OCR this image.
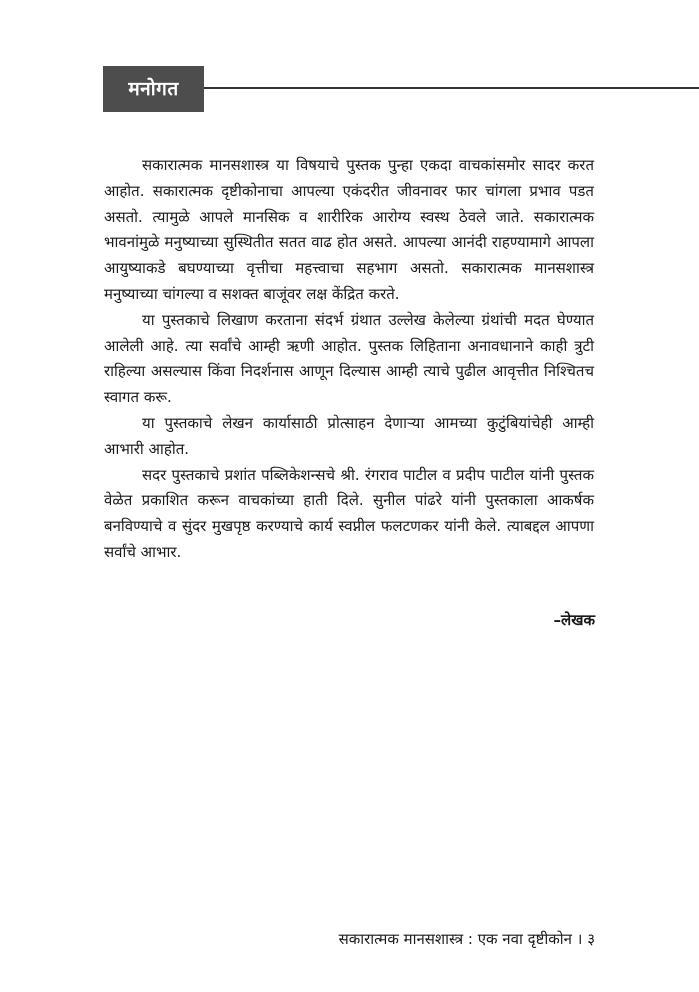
मनोगत

सकारात्मक मानसशास्त्र या विषयाचे पुस्तक पुन्हा एकदा वाचकांसमोर सादर करत आहोत. सकारात्मक दृष्टीकोनाचा आपल्या एकंदरीत जीवनावर फार चांगला प्रभाव पडत असतो. त्यामुळे आपले मानसिक व शारीरिक आरोग्य स्वस्थ ठेवले जाते. सकारात्मक भावनांमुळे मनुष्याच्या सुस्थितीत सतत वाढ होत असते. आपल्या आनंदी राहण्यामागे आपला आयुष्याकडे बघण्याच्या वृत्तीचा महत्त्वाचा सहभाग असतो. सकारात्मक मानसशास्त्र मनुष्याच्या चांगल्या व सशक्त बाजूंवर लक्ष केंद्रित करते.

या पुस्तकाचे लिखाण करताना संदर्भ ग्रंथात उल्लेख केलेल्या ग्रंथांची मदत घेण्यात आलेली आहे. त्या सर्वांचे आम्ही ऋणी आहोत. पुस्तक लिहिताना अनावधानाने काही त्रुटी राहिल्या असल्यास किंवा निदर्शनास आणून दिल्यास आम्ही त्याचे पुढील आवृत्तीत निश्चितच स्वागत करू.

या पुस्तकाचे लेखन कार्यासाठी प्रोत्साहन देणाऱ्या आमच्या कुटुंबियांचेही आम्ही आभारी आहोत.

सदर पुस्तकाचे प्रशांत पब्लिकेशन्सचे श्री. रंगराव पाटील व प्रदीप पाटील यांनी पुस्तक वेळेत प्रकाशित करून वाचकांच्या हाती दिले. सुनील पांढरे यांनी पुस्तकाला आकर्षक बनविण्याचे व सुंदर मुखपृष्ठ करण्याचे कार्य स्वप्नील फलटणकर यांनी केले. त्याबद्दल आपणा सर्वांचे आभार.

–लेखक
सकारात्मक मानसशास्त्र : एक नवा दृष्टीकोन । ३
